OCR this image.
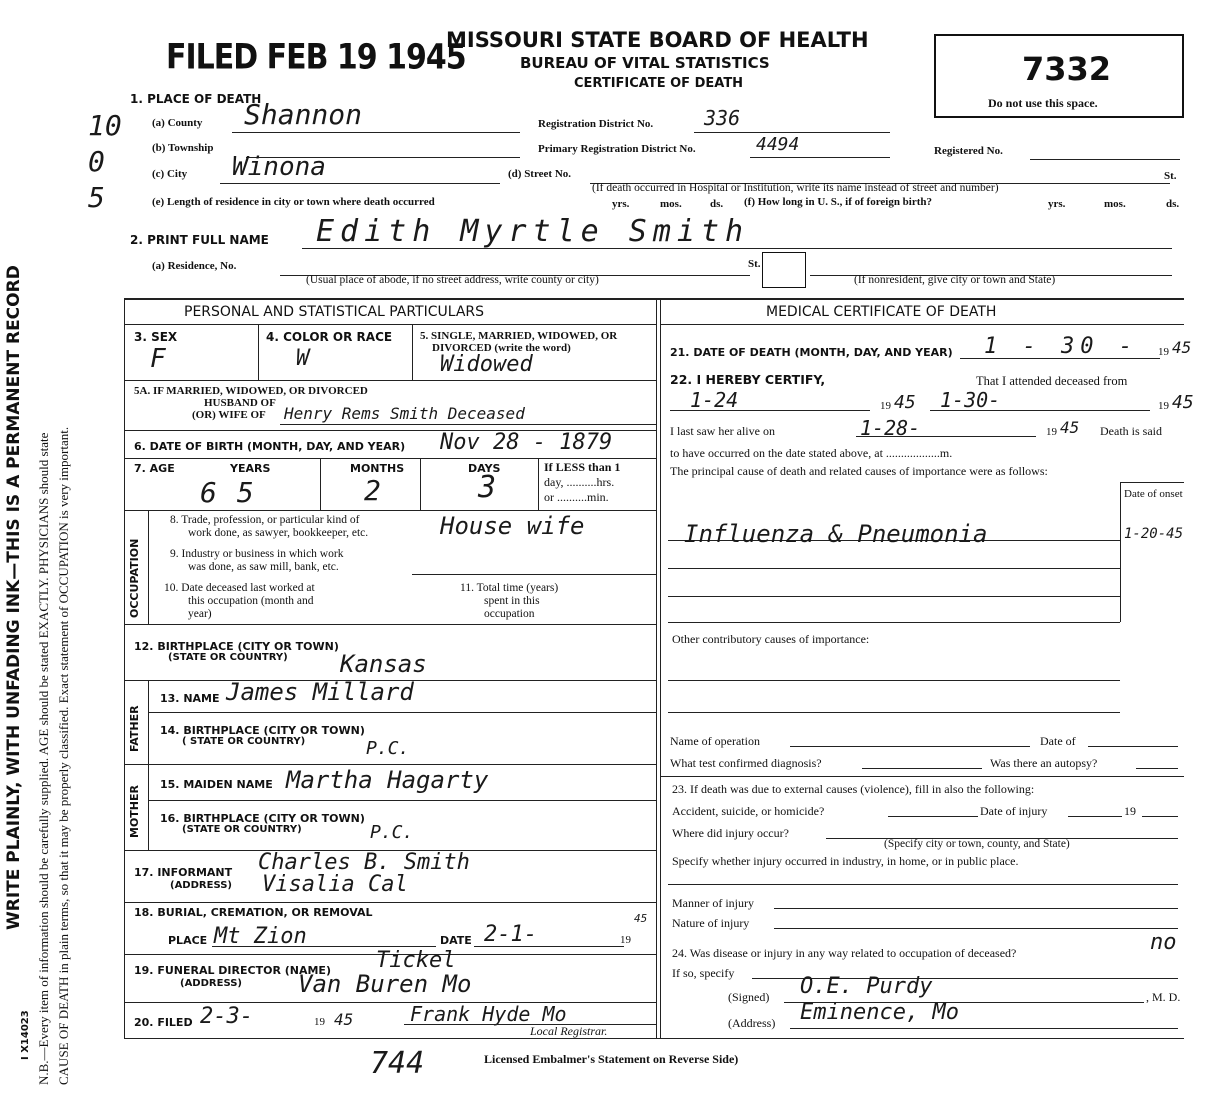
WRITE PLAINLY, WITH UNFADING INK—THIS IS A PERMANENT RECORD N.B.—Every item of information should be carefully supplied. AGE should be stated EXACTLY. PHYSICIANS should state CAUSE OF DEATH in plain terms, so that it may be properly classified. Exact statement of OCCUPATION is very important.
I X14023
10 0 5
FILED FEB 19 1945
MISSOURI STATE BOARD OF HEALTH
BUREAU OF VITAL STATISTICS
CERTIFICATE OF DEATH	7332
Do not use this space.
1. PLACE OF DEATH
(a) County Shannon	Registration District No.	336
(b) Township	Primary Registration District No.	4494	Registered No.
(c) City Winona	(d) Street No.	St.
(If death occurred in Hospital or Institution, write its name instead of street and number)
(e) Length of residence in city or town where death occurred	yrs.	mos.	ds. (f) How long in U. S., if of foreign birth?	yrs.	mos.	ds.
2. PRINT FULL NAME Edith Myrtle Smith
(a) Residence, No.	St.
(Usual place of abode, if no street address, write county or city)	(If nonresident, give city or town and State)
PERSONAL AND STATISTICAL PARTICULARS
3. SEX
F
4. COLOR OR RACE
W
5. SINGLE, MARRIED, WIDOWED, OR
DIVORCED (write the word)
Widowed
5A. IF MARRIED, WIDOWED, OR DIVORCED
HUSBAND OF
(OR) WIFE OF Henry Rems Smith Deceased
6. DATE OF BIRTH (MONTH, DAY, AND YEAR) Nov 28 - 1879
7. AGE	YEARS	MONTHS	DAYS
65	2	3
If LESS than 1
day, ..........hrs.
or ..........min.
OCCUPATION
8. Trade, profession, or particular kind of
work done, as sawyer, bookkeeper, etc.	House wife
9. Industry or business in which work
was done, as saw mill, bank, etc.
10. Date deceased last worked at
this occupation (month and
year)
11. Total time (years)
spent in this
occupation
12. BIRTHPLACE (CITY OR TOWN)
(STATE OR COUNTRY) Kansas
FATHER
13. NAME James Millard
14. BIRTHPLACE (CITY OR TOWN)
( STATE OR COUNTRY)	P.C.
MOTHER
15. MAIDEN NAME Martha Hagarty
16. BIRTHPLACE (CITY OR TOWN)
(STATE OR COUNTRY)	P.C.
17. INFORMANT
(ADDRESS)
Charles B. Smith
Visalia Cal
18. BURIAL, CREMATION, OR REMOVAL
PLACE Mt Zion	DATE 2-1-	19
45
19. FUNERAL DIRECTOR (NAME)
(ADDRESS)
Tickel
Van Buren Mo
20. FILED 2-3-	19 45	Frank Hyde Mo
Local Registrar.
744	Licensed Embalmer's Statement on Reverse Side)
MEDICAL CERTIFICATE OF DEATH
21. DATE OF DEATH (MONTH, DAY, AND YEAR) 1 - 30 - 19 45
22. I HEREBY CERTIFY,	That I attended deceased from
1-24	19 45 1-30-	19 45
I last saw her alive on	1-28-	19 45 Death is said
to have occurred on the date stated above, at ..................m.
The principal cause of death and related causes of importance were as follows:
Date of onset
Influenza & Pneumonia	1-20-45
Other contributory causes of importance:
Name of operation	Date of
What test confirmed diagnosis?	Was there an autopsy?
23. If death was due to external causes (violence), fill in also the following:
Accident, suicide, or homicide?	Date of injury	19
Where did injury occur?
(Specify city or town, county, and State)
Specify whether injury occurred in industry, in home, or in public place.
Manner of injury
Nature of injury
24. Was disease or injury in any way related to occupation of deceased?	no
If so, specify
(Signed) O.E. Purdy	, M. D.
(Address) Eminence, Mo
